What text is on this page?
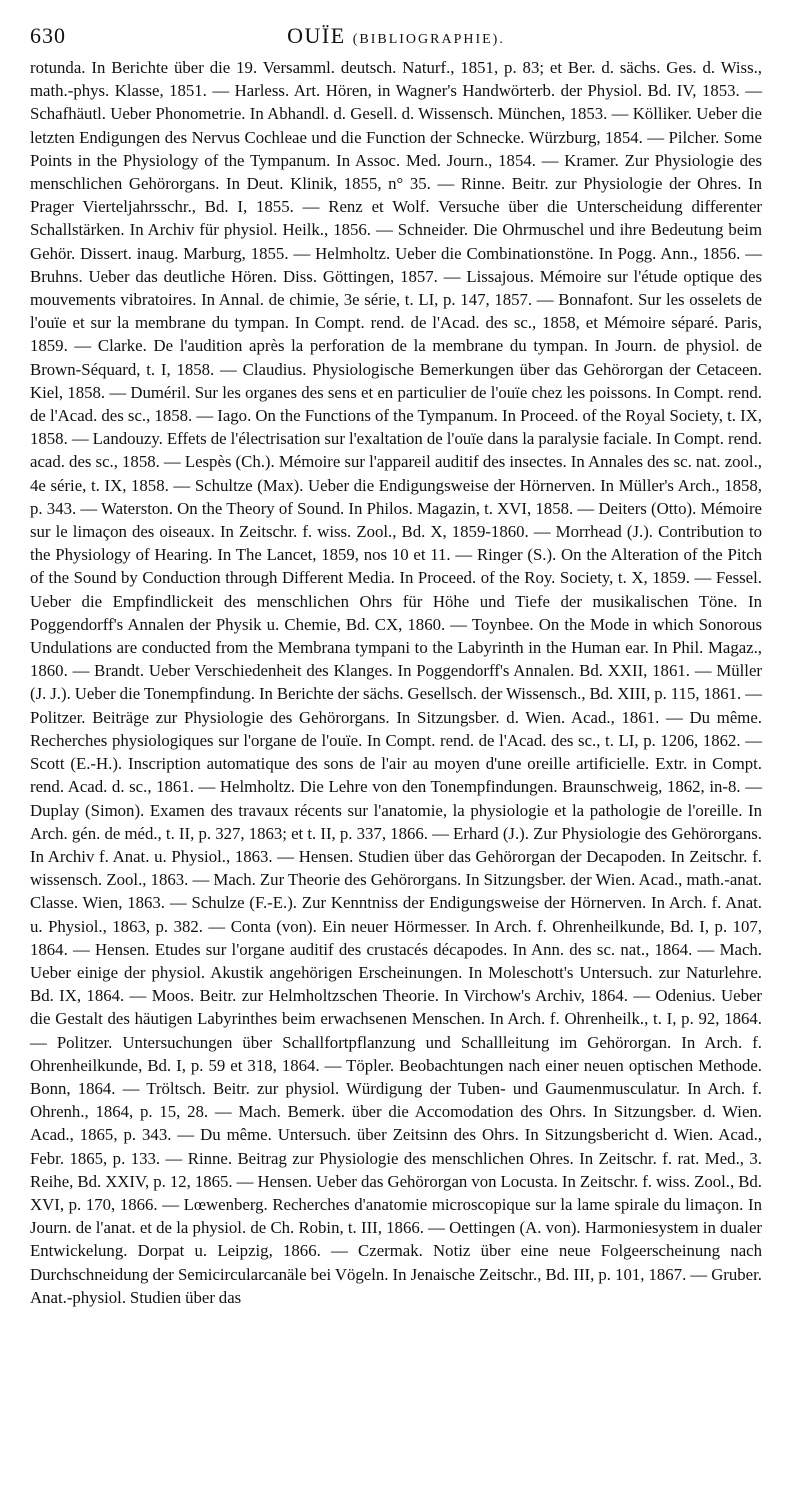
630	OUÏE (BIBLIOGRAPHIE).

rotunda. In Berichte über die 19. Versamml. deutsch. Naturf., 1851, p. 83; et Ber. d. sächs. Ges. d. Wiss., math.-phys. Klasse, 1851. — Harless. Art. Hören, in Wagner's Handwörterb. der Physiol. Bd. IV, 1853. — Schafhäutl. Ueber Phonometrie. In Abhandl. d. Gesell. d. Wissensch. München, 1853. — Kölliker. Ueber die letzten Endigungen des Nervus Cochleae und die Function der Schnecke. Würzburg, 1854. — Pilcher. Some Points in the Physiology of the Tympanum. In Assoc. Med. Journ., 1854. — Kramer. Zur Physiologie des menschlichen Gehörorgans. In Deut. Klinik, 1855, n° 35. — Rinne. Beitr. zur Physiologie der Ohres. In Prager Vierteljahrsschr., Bd. I, 1855. — Renz et Wolf. Versuche über die Unterscheidung differenter Schallstärken. In Archiv für physiol. Heilk., 1856. — Schneider. Die Ohrmuschel und ihre Bedeutung beim Gehör. Dissert. inaug. Marburg, 1855. — Helmholtz. Ueber die Combinationstöne. In Pogg. Ann., 1856. — Bruhns. Ueber das deutliche Hören. Diss. Göttingen, 1857. — Lissajous. Mémoire sur l'étude optique des mouvements vibratoires. In Annal. de chimie, 3e série, t. LI, p. 147, 1857. — Bonnafont. Sur les osselets de l'ouïe et sur la membrane du tympan. In Compt. rend. de l'Acad. des sc., 1858, et Mémoire séparé. Paris, 1859. — Clarke. De l'audition après la perforation de la membrane du tympan. In Journ. de physiol. de Brown-Séquard, t. I, 1858. — Claudius. Physiologische Bemerkungen über das Gehörorgan der Cetaceen. Kiel, 1858. — Duméril. Sur les organes des sens et en particulier de l'ouïe chez les poissons. In Compt. rend. de l'Acad. des sc., 1858. — Iago. On the Functions of the Tympanum. In Proceed. of the Royal Society, t. IX, 1858. — Landouzy. Effets de l'électrisation sur l'exaltation de l'ouïe dans la paralysie faciale. In Compt. rend. acad. des sc., 1858. — Lespès (Ch.). Mémoire sur l'appareil auditif des insectes. In Annales des sc. nat. zool., 4e série, t. IX, 1858. — Schultze (Max). Ueber die Endigungsweise der Hörnerven. In Müller's Arch., 1858, p. 343. — Waterston. On the Theory of Sound. In Philos. Magazin, t. XVI, 1858. — Deiters (Otto). Mémoire sur le limaçon des oiseaux. In Zeitschr. f. wiss. Zool., Bd. X, 1859-1860. — Morrhead (J.). Contribution to the Physiology of Hearing. In The Lancet, 1859, nos 10 et 11. — Ringer (S.). On the Alteration of the Pitch of the Sound by Conduction through Different Media. In Proceed. of the Roy. Society, t. X, 1859. — Fessel. Ueber die Empfindlickeit des menschlichen Ohrs für Höhe und Tiefe der musikalischen Töne. In Poggendorff's Annalen der Physik u. Chemie, Bd. CX, 1860. — Toynbee. On the Mode in which Sonorous Undulations are conducted from the Membrana tympani to the Labyrinth in the Human ear. In Phil. Magaz., 1860. — Brandt. Ueber Verschiedenheit des Klanges. In Poggendorff's Annalen. Bd. XXII, 1861. — Müller (J. J.). Ueber die Tonempfindung. In Berichte der sächs. Gesellsch. der Wissensch., Bd. XIII, p. 115, 1861. — Politzer. Beiträge zur Physiologie des Gehörorgans. In Sitzungsber. d. Wien. Acad., 1861. — Du même. Recherches physiologiques sur l'organe de l'ouïe. In Compt. rend. de l'Acad. des sc., t. LI, p. 1206, 1862. — Scott (E.-H.). Inscription automatique des sons de l'air au moyen d'une oreille artificielle. Extr. in Compt. rend. Acad. d. sc., 1861. — Helmholtz. Die Lehre von den Tonempfindungen. Braunschweig, 1862, in-8. — Duplay (Simon). Examen des travaux récents sur l'anatomie, la physiologie et la pathologie de l'oreille. In Arch. gén. de méd., t. II, p. 327, 1863; et t. II, p. 337, 1866. — Erhard (J.). Zur Physiologie des Gehörorgans. In Archiv f. Anat. u. Physiol., 1863. — Hensen. Studien über das Gehörorgan der Decapoden. In Zeitschr. f. wissensch. Zool., 1863. — Mach. Zur Theorie des Gehörorgans. In Sitzungsber. der Wien. Acad., math.-anat. Classe. Wien, 1863. — Schulze (F.-E.). Zur Kenntniss der Endigungsweise der Hörnerven. In Arch. f. Anat. u. Physiol., 1863, p. 382. — Conta (von). Ein neuer Hörmesser. In Arch. f. Ohrenheilkunde, Bd. I, p. 107, 1864. — Hensen. Etudes sur l'organe auditif des crustacés décapodes. In Ann. des sc. nat., 1864. — Mach. Ueber einige der physiol. Akustik angehörigen Erscheinungen. In Moleschott's Untersuch. zur Naturlehre. Bd. IX, 1864. — Moos. Beitr. zur Helmholtzschen Theorie. In Virchow's Archiv, 1864. — Odenius. Ueber die Gestalt des häutigen Labyrinthes beim erwachsenen Menschen. In Arch. f. Ohrenheilk., t. I, p. 92, 1864. — Politzer. Untersuchungen über Schallfortpflanzung und Schallleitung im Gehörorgan. In Arch. f. Ohrenheilkunde, Bd. I, p. 59 et 318, 1864. — Töpler. Beobachtungen nach einer neuen optischen Methode. Bonn, 1864. — Tröltsch. Beitr. zur physiol. Würdigung der Tuben- und Gaumenmusculatur. In Arch. f. Ohrenh., 1864, p. 15, 28. — Mach. Bemerk. über die Accomodation des Ohrs. In Sitzungsber. d. Wien. Acad., 1865, p. 343. — Du même. Untersuch. über Zeitsinn des Ohrs. In Sitzungsbericht d. Wien. Acad., Febr. 1865, p. 133. — Rinne. Beitrag zur Physiologie des menschlichen Ohres. In Zeitschr. f. rat. Med., 3. Reihe, Bd. XXIV, p. 12, 1865. — Hensen. Ueber das Gehörorgan von Locusta. In Zeitschr. f. wiss. Zool., Bd. XVI, p. 170, 1866. — Lœwenberg. Recherches d'anatomie microscopique sur la lame spirale du limaçon. In Journ. de l'anat. et de la physiol. de Ch. Robin, t. III, 1866. — Oettingen (A. von). Harmoniesystem in dualer Entwickelung. Dorpat u. Leipzig, 1866. — Czermak. Notiz über eine neue Folgeerscheinung nach Durchschneidung der Semicircularcanäle bei Vögeln. In Jenaische Zeitschr., Bd. III, p. 101, 1867. — Gruber. Anat.-physiol. Studien über das
